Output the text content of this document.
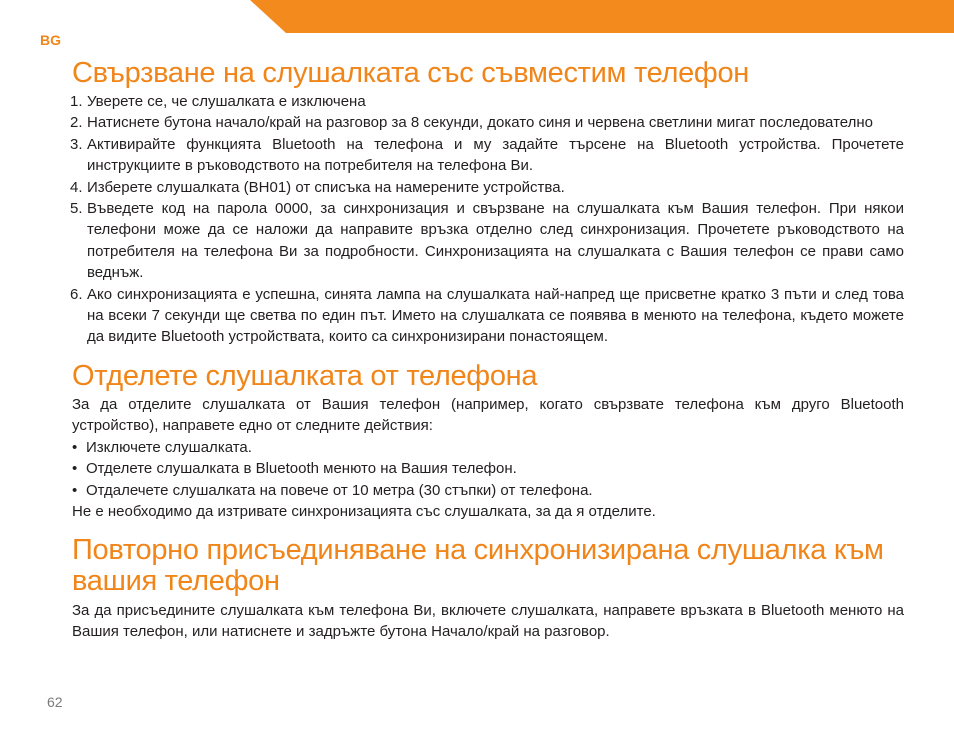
BG
Свързване на слушалката със съвместим телефон
1. Уверете се, че слушалката е изключена
2. Натиснете бутона начало/край на разговор за 8 секунди, докато синя и червена светлини мигат последователно
3. Активирайте функцията Bluetooth на телефона и му задайте търсене на Bluetooth устройства. Прочетете инструкциите в ръководството на потребителя на телефона Ви.
4. Изберете слушалката (BH01) от списъка на намерените устройства.
5. Въведете код на парола 0000, за синхронизация и свързване на слушалката към Вашия телефон. При някои телефони може да се наложи да направите връзка отделно след синхронизация. Прочетете ръководството на потребителя на телефона Ви за подробности. Синхронизацията на слушалката с Вашия телефон се прави само веднъж.
6. Ако синхронизацията е успешна, синята лампа на слушалката най-напред ще присветне кратко 3 пъти и след това на всеки 7 секунди ще светва по един път. Името на слушалката се появява в менюто на телефона, където можете да видите Bluetooth устройствата, които са синхронизирани понастоящем.
Отделете слушалката от телефона

За да отделите слушалката от Вашия телефон (например, когато свързвате телефона към друго Bluetooth устройство), направете едно от следните действия:

• Изключете слушалката.
• Отделете слушалката в Bluetooth менюто на Вашия телефон.
• Отдалечете слушалката на повече от 10 метра (30 стъпки) от телефона.

Не е необходимо да изтривате синхронизацията със слушалката, за да я отделите.

Повторно присъединяване на синхронизирана слушалка към вашия телефон

За да присъедините слушалката към телефона Ви, включете слушалката, направете връзката в Bluetooth менюто на Вашия телефон, или натиснете и задръжте бутона Начало/край на разговор.

62
